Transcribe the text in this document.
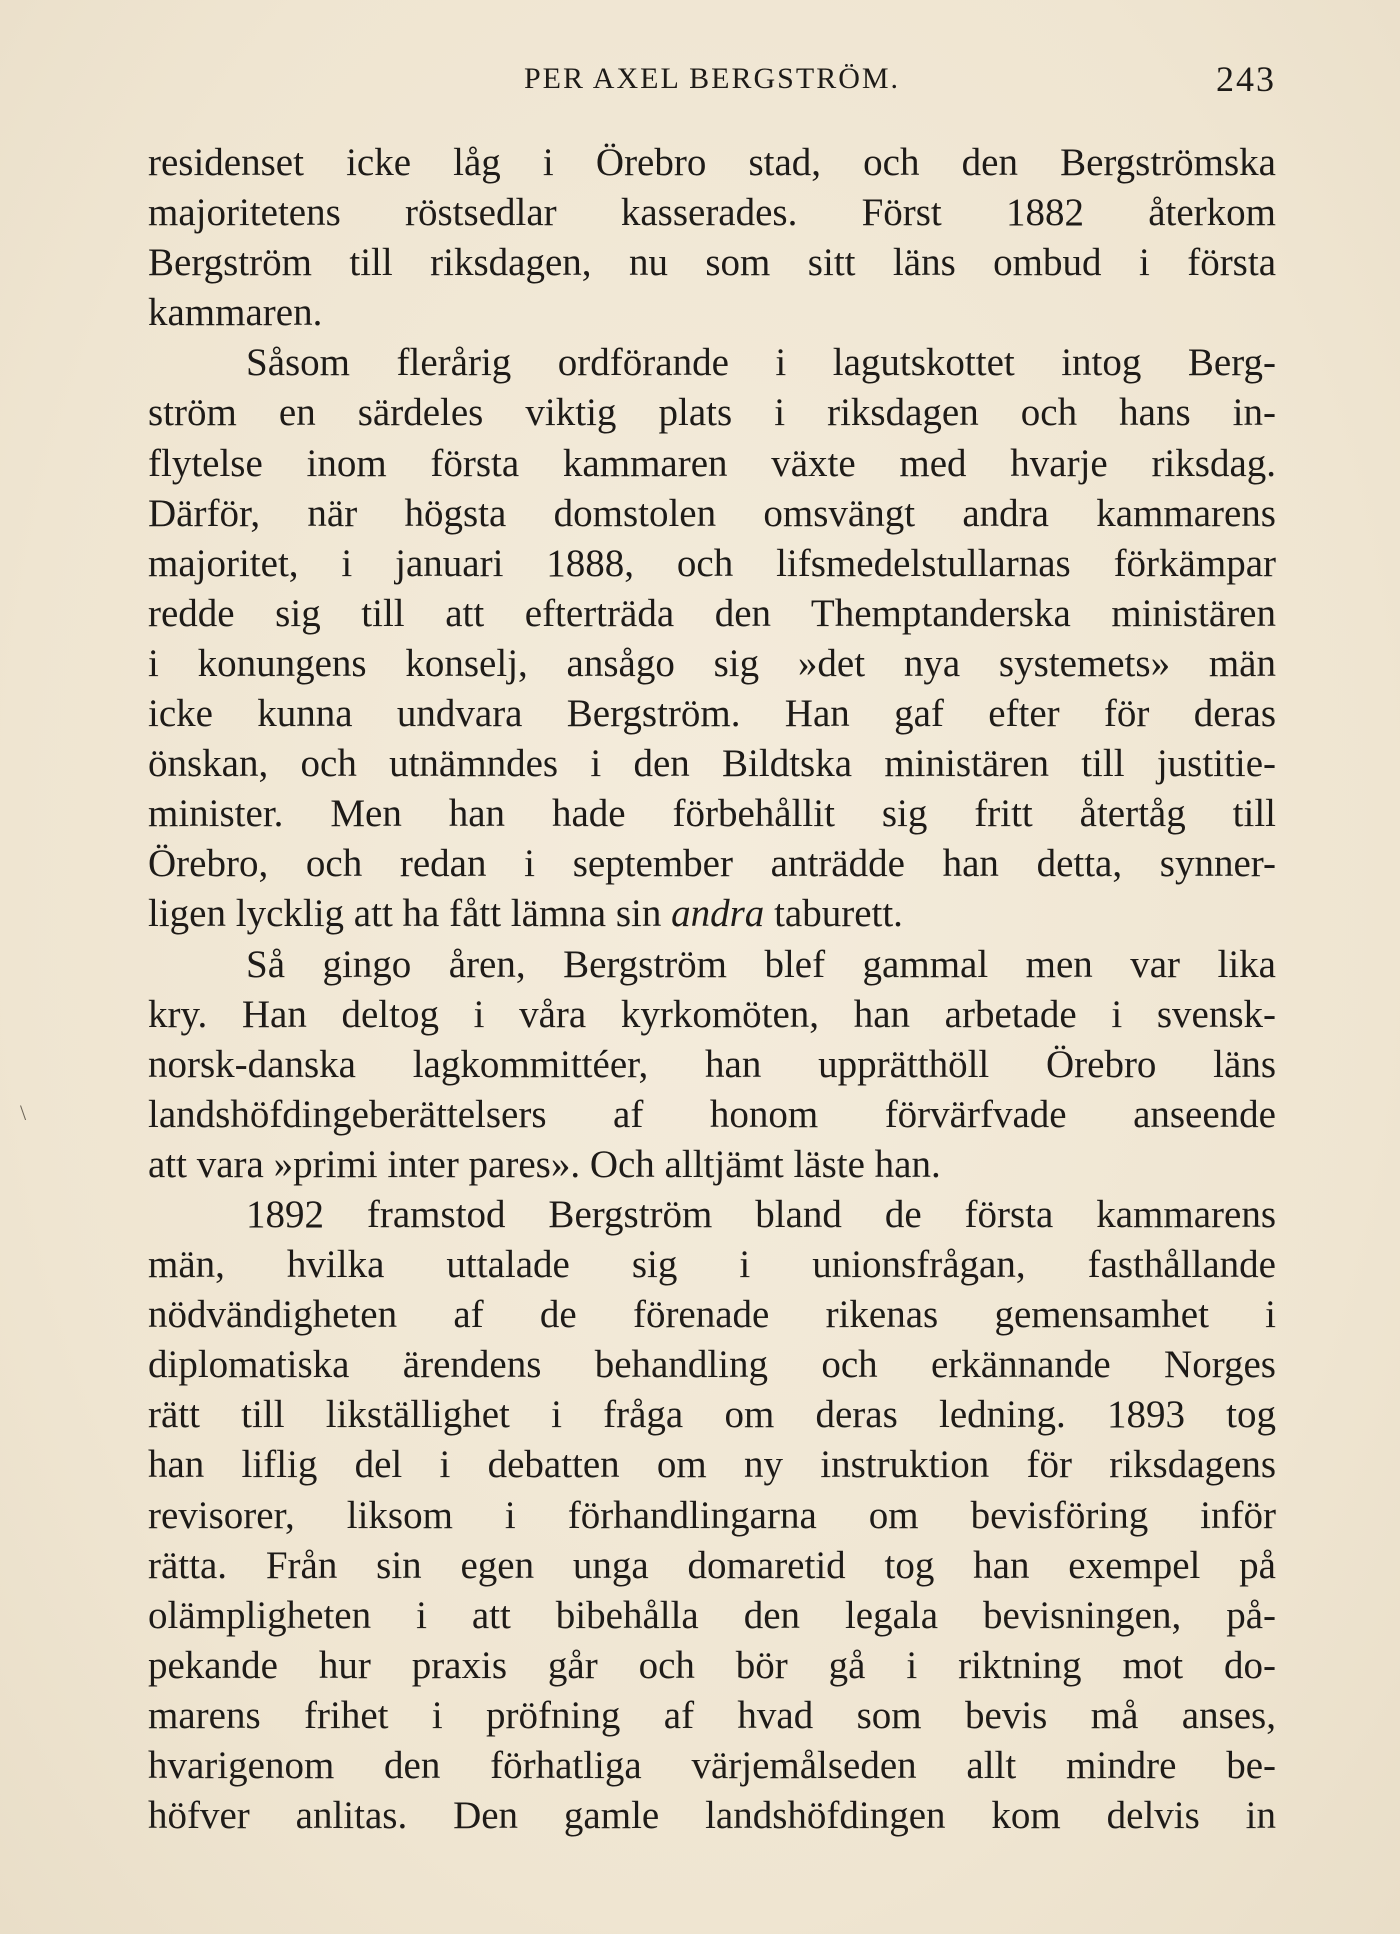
PER AXEL BERGSTRÖM.	243
\
residenset icke låg i Örebro stad, och den Bergströmska
majoritetens röstsedlar kasserades. Först 1882 återkom
Bergström till riksdagen, nu som sitt läns ombud i första
kammaren.
Såsom flerårig ordförande i lagutskottet intog Berg-
ström en särdeles viktig plats i riksdagen och hans in-
flytelse inom första kammaren växte med hvarje riksdag.
Därför, när högsta domstolen omsvängt andra kammarens
majoritet, i januari 1888, och lifsmedelstullarnas förkämpar
redde sig till att efterträda den Themptanderska ministären
i konungens konselj, ansågo sig »det nya systemets» män
icke kunna undvara Bergström. Han gaf efter för deras
önskan, och utnämndes i den Bildtska ministären till justitie-
minister. Men han hade förbehållit sig fritt återtåg till
Örebro, och redan i september anträdde han detta, synner-
ligen lycklig att ha fått lämna sin andra taburett.
Så gingo åren, Bergström blef gammal men var lika
kry. Han deltog i våra kyrkomöten, han arbetade i svensk-
norsk-danska lagkommittéer, han upprätthöll Örebro läns
landshöfdingeberättelsers af honom förvärfvade anseende
att vara »primi inter pares». Och alltjämt läste han.
1892 framstod Bergström bland de första kammarens
män, hvilka uttalade sig i unionsfrågan, fasthållande
nödvändigheten af de förenade rikenas gemensamhet i
diplomatiska ärendens behandling och erkännande Norges
rätt till likställighet i fråga om deras ledning. 1893 tog
han liflig del i debatten om ny instruktion för riksdagens
revisorer, liksom i förhandlingarna om bevisföring inför
rätta. Från sin egen unga domaretid tog han exempel på
olämpligheten i att bibehålla den legala bevisningen, på-
pekande hur praxis går och bör gå i riktning mot do-
marens frihet i pröfning af hvad som bevis må anses,
hvarigenom den förhatliga värjemålseden allt mindre be-
höfver anlitas. Den gamle landshöfdingen kom delvis in
